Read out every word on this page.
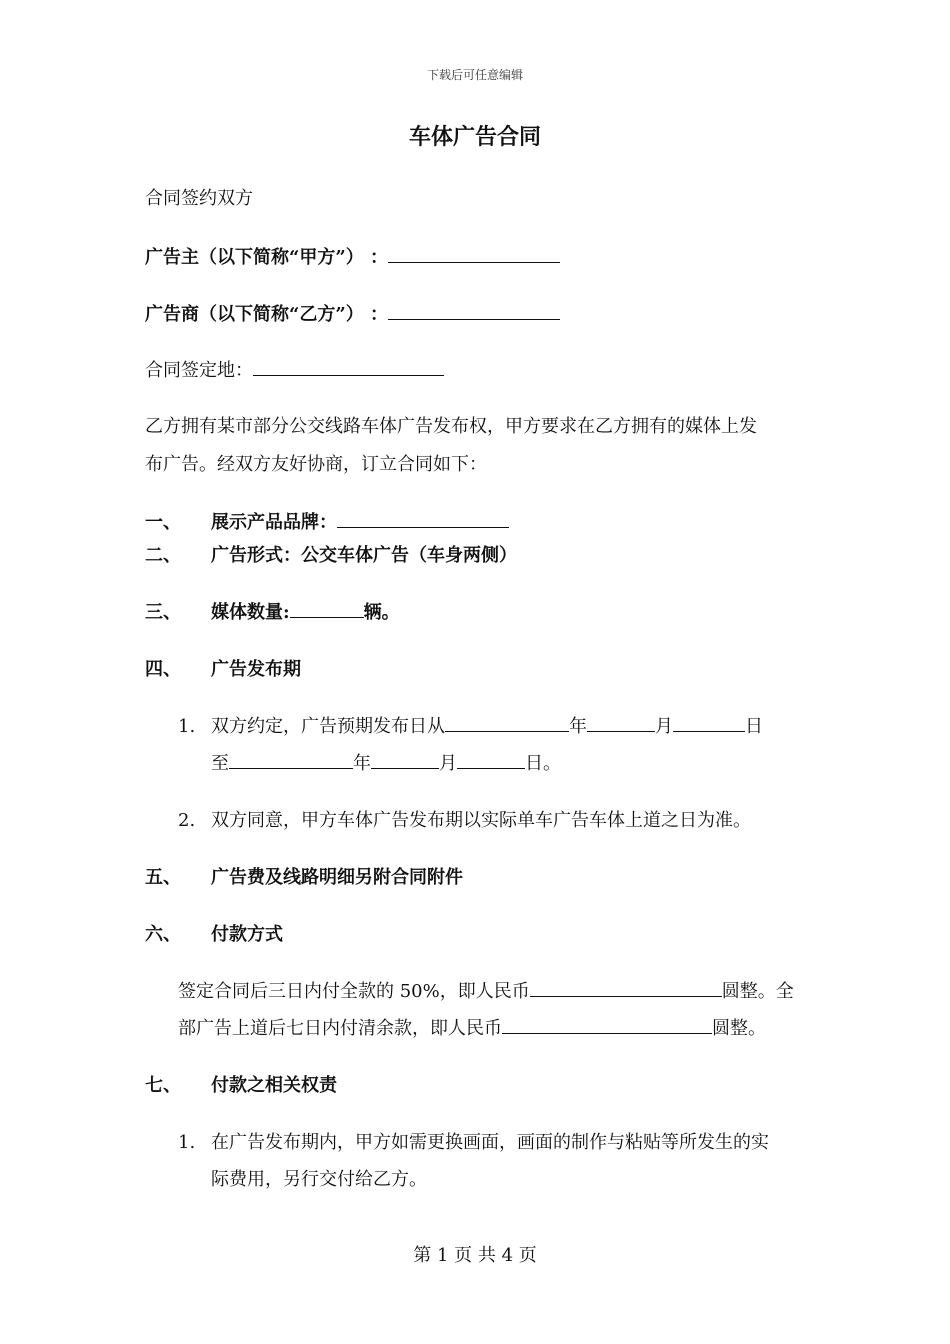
下载后可任意编辑
车体广告合同
合同签约双方
广告主（以下简称“甲方”） ：
广告商（以下简称“乙方”） ：
合同签定地：
乙方拥有某市部分公交线路车体广告发布权，甲方要求在乙方拥有的媒体上发
布广告。经双方友好协商，订立合同如下：
一、 展示产品品牌：
二、 广告形式：公交车体广告（车身两侧）
三、 媒体数量:	辆。
四、 广告发布期
1. 双方约定，广告预期发布日从	年	月	日
至	年	月	日。
2. 双方同意，甲方车体广告发布期以实际单车广告车体上道之日为准。
五、 广告费及线路明细另附合同附件
六、 付款方式
签定合同后三日内付全款的 50%，即人民币	圆整。全
部广告上道后七日内付清余款，即人民币	圆整。
七、 付款之相关权责
1. 在广告发布期内，甲方如需更换画面，画面的制作与粘贴等所发生的实
际费用，另行交付给乙方。
第 1 页 共 4 页
